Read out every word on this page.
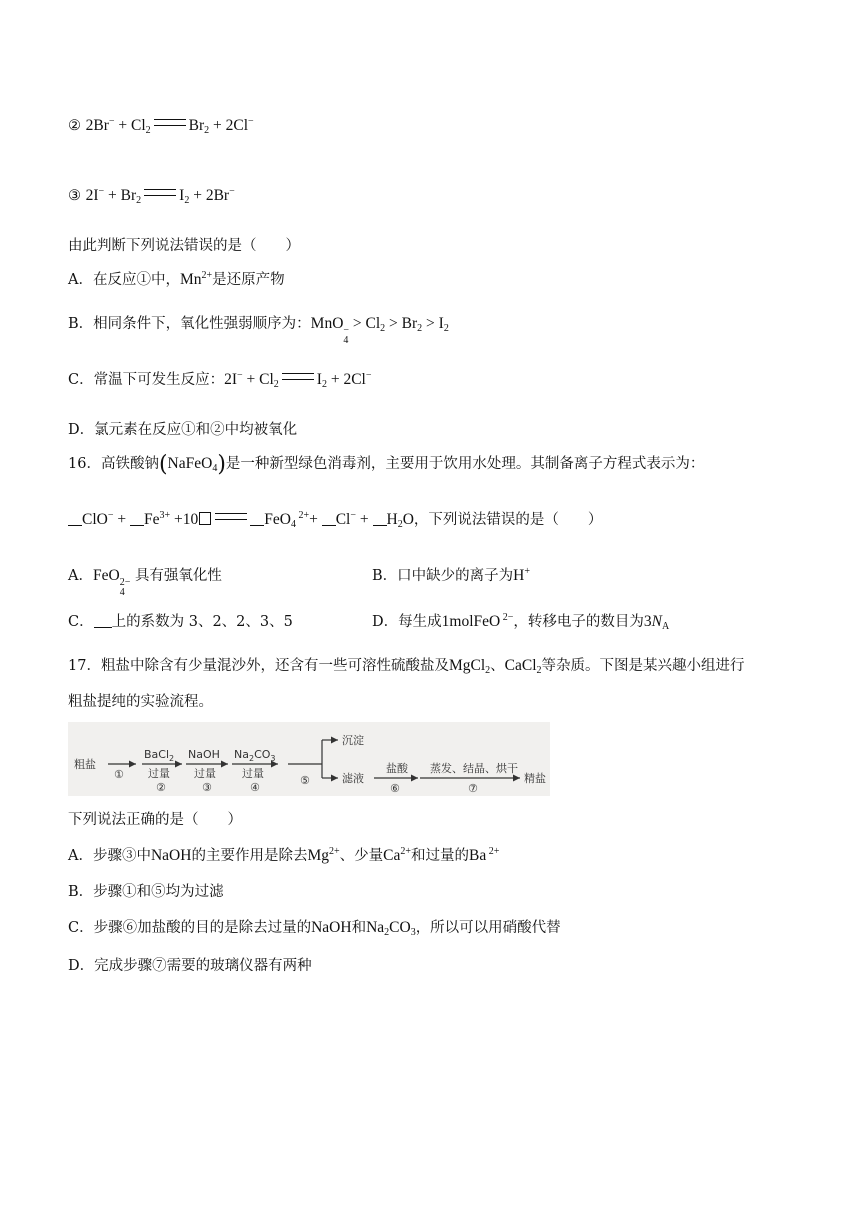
② $2Br^- + Cl_2$ $Br_2 + 2Cl^-$
③ $2I^- + Br_2$ $I_2 + 2Br^-$
由此判断下列说法错误的是（　　）
A．在反应①中，$Mn^{2+}$是还原产物
B．相同条件下，氧化性强弱顺序为：MnO −
4
> $Cl_2 > Br_2 > I_2$
C．常温下可发生反应：$2I^- + Cl_2$ $I_2 + 2Cl^-$
D．氯元素在反应①和②中均被氧化
16．高铁酸钠(NaFeO$_4$)是一种新型绿色消毒剂，主要用于饮用水处理。其制备离子方程式表示为：
$ClO^- + Fe^{3+} +10$	FeO$_4$ $^{2+}+ Cl^- + H_2O$，下列说法错误的是（　　）
A．FeO 2−
4
具有强氧化性	B．口中缺少的离子为H+
C． 上的系数为 3、2、2、3、5	D．每生成1molFeO $^{2-}$，转移电子的数目为$3N_A$
17．粗盐中除含有少量混沙外，还含有一些可溶性硫酸盐及MgCl$_2$、CaCl$_2$等杂质。下图是某兴趣小组进行
粗盐提纯的实验流程。
粗盐
①
BaCl$_2$
过量
②
NaOH
过量
③
$Na_2CO_3$
过量
④
⑤
沉淀
滤液
盐酸
⑥
蒸发、结晶、烘干
⑦
精盐
下列说法正确的是（　　）
A．步骤③中NaOH的主要作用是除去$Mg^{2+}$、少量$Ca^{2+}$和过量的Ba $^{2+}$
B．步骤①和⑤均为过滤
C．步骤⑥加盐酸的目的是除去过量的NaOH和$Na_2CO_3$，所以可以用硝酸代替
D．完成步骤⑦需要的玻璃仪器有两种
